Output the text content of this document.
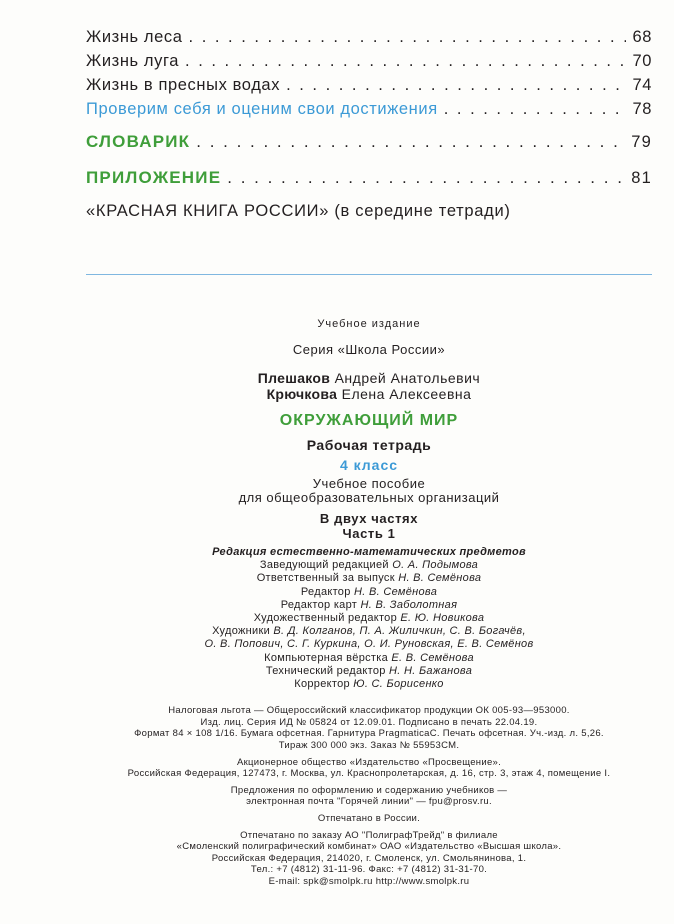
Жизнь леса . . .	68
Жизнь луга . . .	70
Жизнь в пресных водах . . .	74
Проверим себя и оценим свои достижения . . .	78
СЛОВАРИК . . .	79
ПРИЛОЖЕНИЕ . . .	81
«КРАСНАЯ КНИГА РОССИИ» (в середине тетради)
Учебное издание
Серия «Школа России»
Плешаков Андрей Анатольевич
Крючкова Елена Алексеевна
ОКРУЖАЮЩИЙ МИР
Рабочая тетрадь
4 класс
Учебное пособие
для общеобразовательных организаций
В двух частях
Часть 1
Редакция естественно-математических предметов
Заведующий редакцией О. А. Подымова
Ответственный за выпуск Н. В. Семёнова
Редактор Н. В. Семёнова
Редактор карт Н. В. Заболотная
Художественный редактор Е. Ю. Новикова
Художники В. Д. Колганов, П. А. Жиличкин, С. В. Богачёв,
О. В. Попович, С. Г. Куркина, О. И. Руновская, Е. В. Семёнов
Компьютерная вёрстка Е. В. Семёнова
Технический редактор Н. Н. Бажанова
Корректор Ю. С. Борисенко
Налоговая льгота — Общероссийский классификатор продукции ОК 005-93—953000.
Изд. лиц. Серия ИД № 05824 от 12.09.01. Подписано в печать 22.04.19.
Формат 84 × 108 1/16. Бумага офсетная. Гарнитура PragmaticaC. Печать офсетная. Уч.-изд. л. 5,26.
Тираж 300 000 экз. Заказ № 55953СМ.
Акционерное общество «Издательство «Просвещение».
Российская Федерация, 127473, г. Москва, ул. Краснопролетарская, д. 16, стр. 3, этаж 4, помещение I.
Предложения по оформлению и содержанию учебников —
электронная почта "Горячей линии" — fpu@prosv.ru.
Отпечатано в России.
Отпечатано по заказу АО "ПолиграфТрейд" в филиале
«Смоленский полиграфический комбинат» ОАО «Издательство «Высшая школа».
Российская Федерация, 214020, г. Смоленск, ул. Смольянинова, 1.
Тел.: +7 (4812) 31-11-96. Факс: +7 (4812) 31-31-70.
E-mail: spk@smolpk.ru http://www.smolpk.ru
